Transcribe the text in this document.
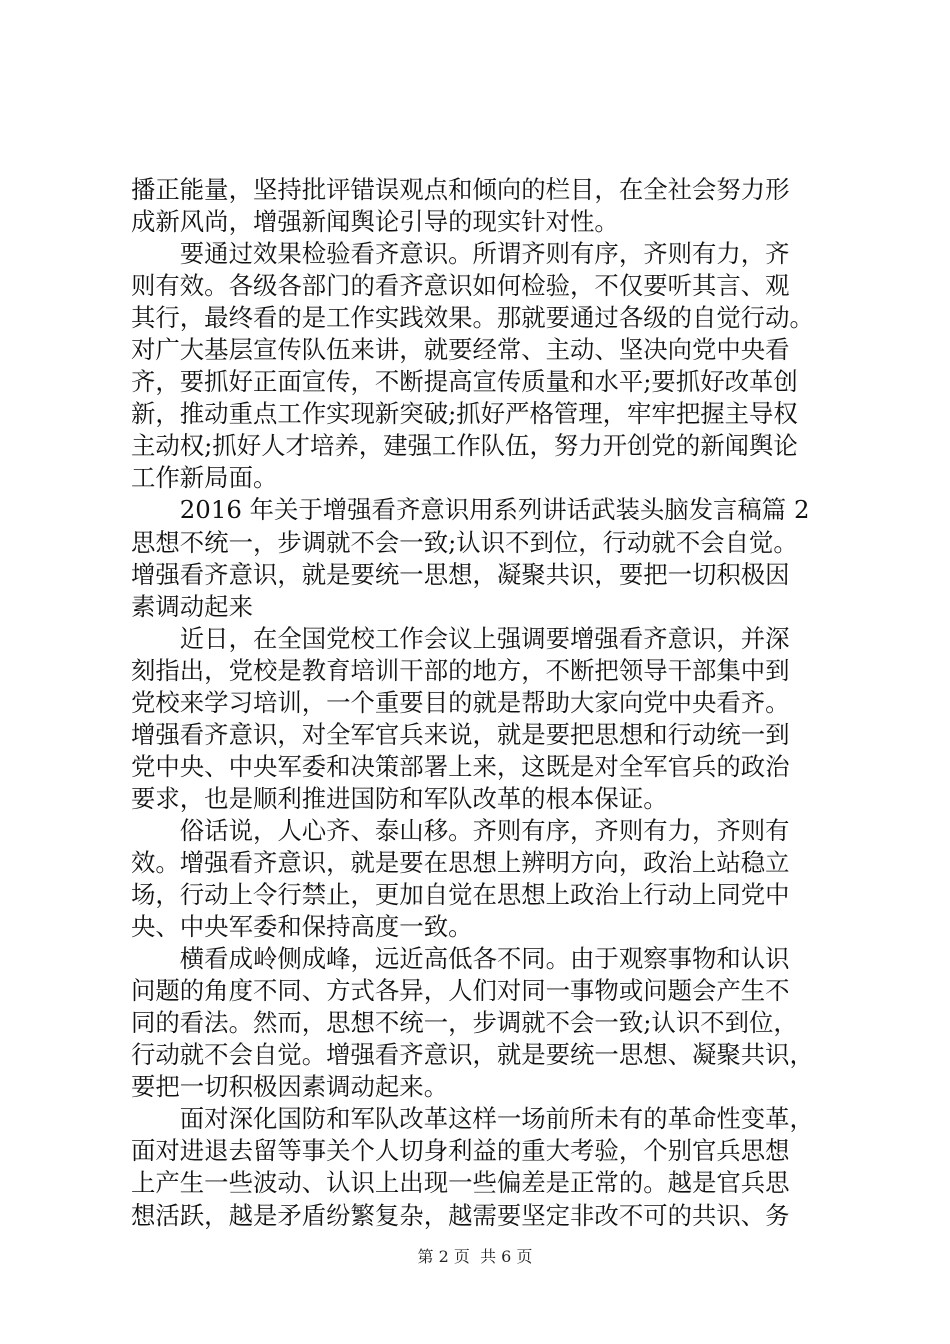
播正能量，坚持批评错误观点和倾向的栏目，在全社会努力形
成新风尚，增强新闻舆论引导的现实针对性。
　　要通过效果检验看齐意识。所谓齐则有序，齐则有力，齐
则有效。各级各部门的看齐意识如何检验，不仅要听其言、观
其行，最终看的是工作实践效果。那就要通过各级的自觉行动。
对广大基层宣传队伍来讲，就要经常、主动、坚决向党中央看
齐，要抓好正面宣传，不断提高宣传质量和水平;要抓好改革创
新，推动重点工作实现新突破;抓好严格管理，牢牢把握主导权
主动权;抓好人才培养，建强工作队伍，努力开创党的新闻舆论
工作新局面。
　　2016 年关于增强看齐意识用系列讲话武装头脑发言稿篇 2
思想不统一，步调就不会一致;认识不到位，行动就不会自觉。
增强看齐意识，就是要统一思想，凝聚共识，要把一切积极因
素调动起来
　　近日，在全国党校工作会议上强调要增强看齐意识，并深
刻指出，党校是教育培训干部的地方，不断把领导干部集中到
党校来学习培训，一个重要目的就是帮助大家向党中央看齐。
增强看齐意识，对全军官兵来说，就是要把思想和行动统一到
党中央、中央军委和决策部署上来，这既是对全军官兵的政治
要求，也是顺利推进国防和军队改革的根本保证。
　　俗话说，人心齐、泰山移。齐则有序，齐则有力，齐则有
效。增强看齐意识，就是要在思想上辨明方向，政治上站稳立
场，行动上令行禁止，更加自觉在思想上政治上行动上同党中
央、中央军委和保持高度一致。
　　横看成岭侧成峰，远近高低各不同。由于观察事物和认识
问题的角度不同、方式各异，人们对同一事物或问题会产生不
同的看法。然而，思想不统一，步调就不会一致;认识不到位，
行动就不会自觉。增强看齐意识，就是要统一思想、凝聚共识，
要把一切积极因素调动起来。
　　面对深化国防和军队改革这样一场前所未有的革命性变革，
面对进退去留等事关个人切身利益的重大考验，个别官兵思想
上产生一些波动、认识上出现一些偏差是正常的。越是官兵思
想活跃，越是矛盾纷繁复杂，越需要坚定非改不可的共识、务
第 2 页  共 6 页
